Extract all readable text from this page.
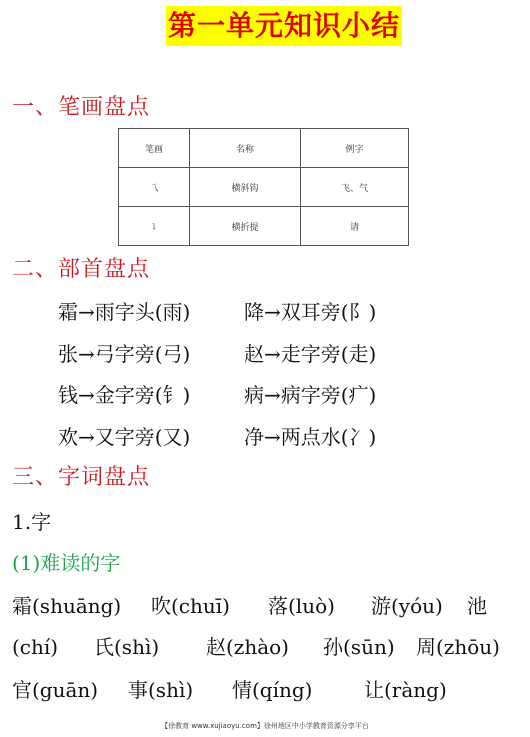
第一单元知识小结
一、笔画盘点
笔画	名称	例字
乁	横斜钩	飞、气
㇊	横折提	请
二、部首盘点
霜→雨字头(雨)	降→双耳旁(阝)
张→弓字旁(弓)	赵→走字旁(走)
钱→金字旁(钅)	病→病字旁(疒)
欢→又字旁(又)	净→两点水(冫)
三、字词盘点
1.字
(1)难读的字
霜(shuāng) 吹(chuī) 落(luò) 游(yóu) 池
(chí) 氏(shì) 赵(zhào) 孙(sūn) 周(zhōu)
官(guān) 事(shì) 情(qíng)	让(ràng)
【徐教育 www.xujiaoyu.com】徐州地区中小学教育资源分享平台
